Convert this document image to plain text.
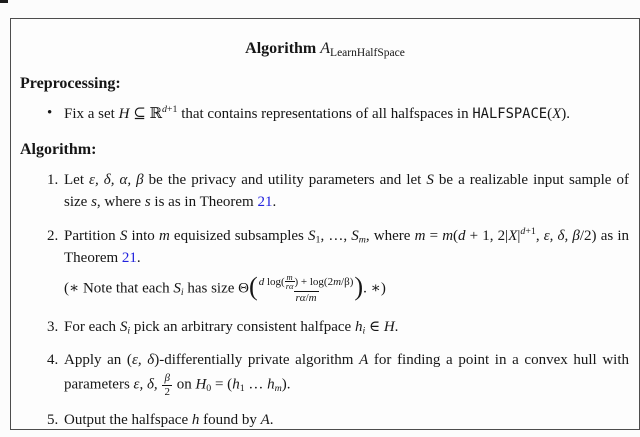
Algorithm ALearnHalfSpace
Preprocessing:
• Fix a set H ⊆ ℝ$^{d+1}$ that contains representations of all halfspaces in HALFSPACE(X).
Algorithm:
1. Let ε, δ, α, β be the privacy and utility parameters and let S be a realizable input sample of size s, where s is as in Theorem 21.
2. Partition S into m equisized subsamples S1, …, Sm, where m = m(d + 1, $2|X|^{d+1}$, ε, δ, β/2) as in Theorem 21.
(∗ Note that each Si has size $\Theta( \frac{d \log( \frac{m}{r\alpha} ) + \log(2m/\beta)}{r\alpha/m}$ ). ∗)
3. For each Si pick an arbitrary consistent halfpace hi ∈ H.
4. Apply an (ε, δ)-differentially private algorithm A for finding a point in a convex hull with parameters ε, δ, $\frac{\beta}{2}$ on H0 = (h1 … hm).
5. Output the halfspace h found by A.
